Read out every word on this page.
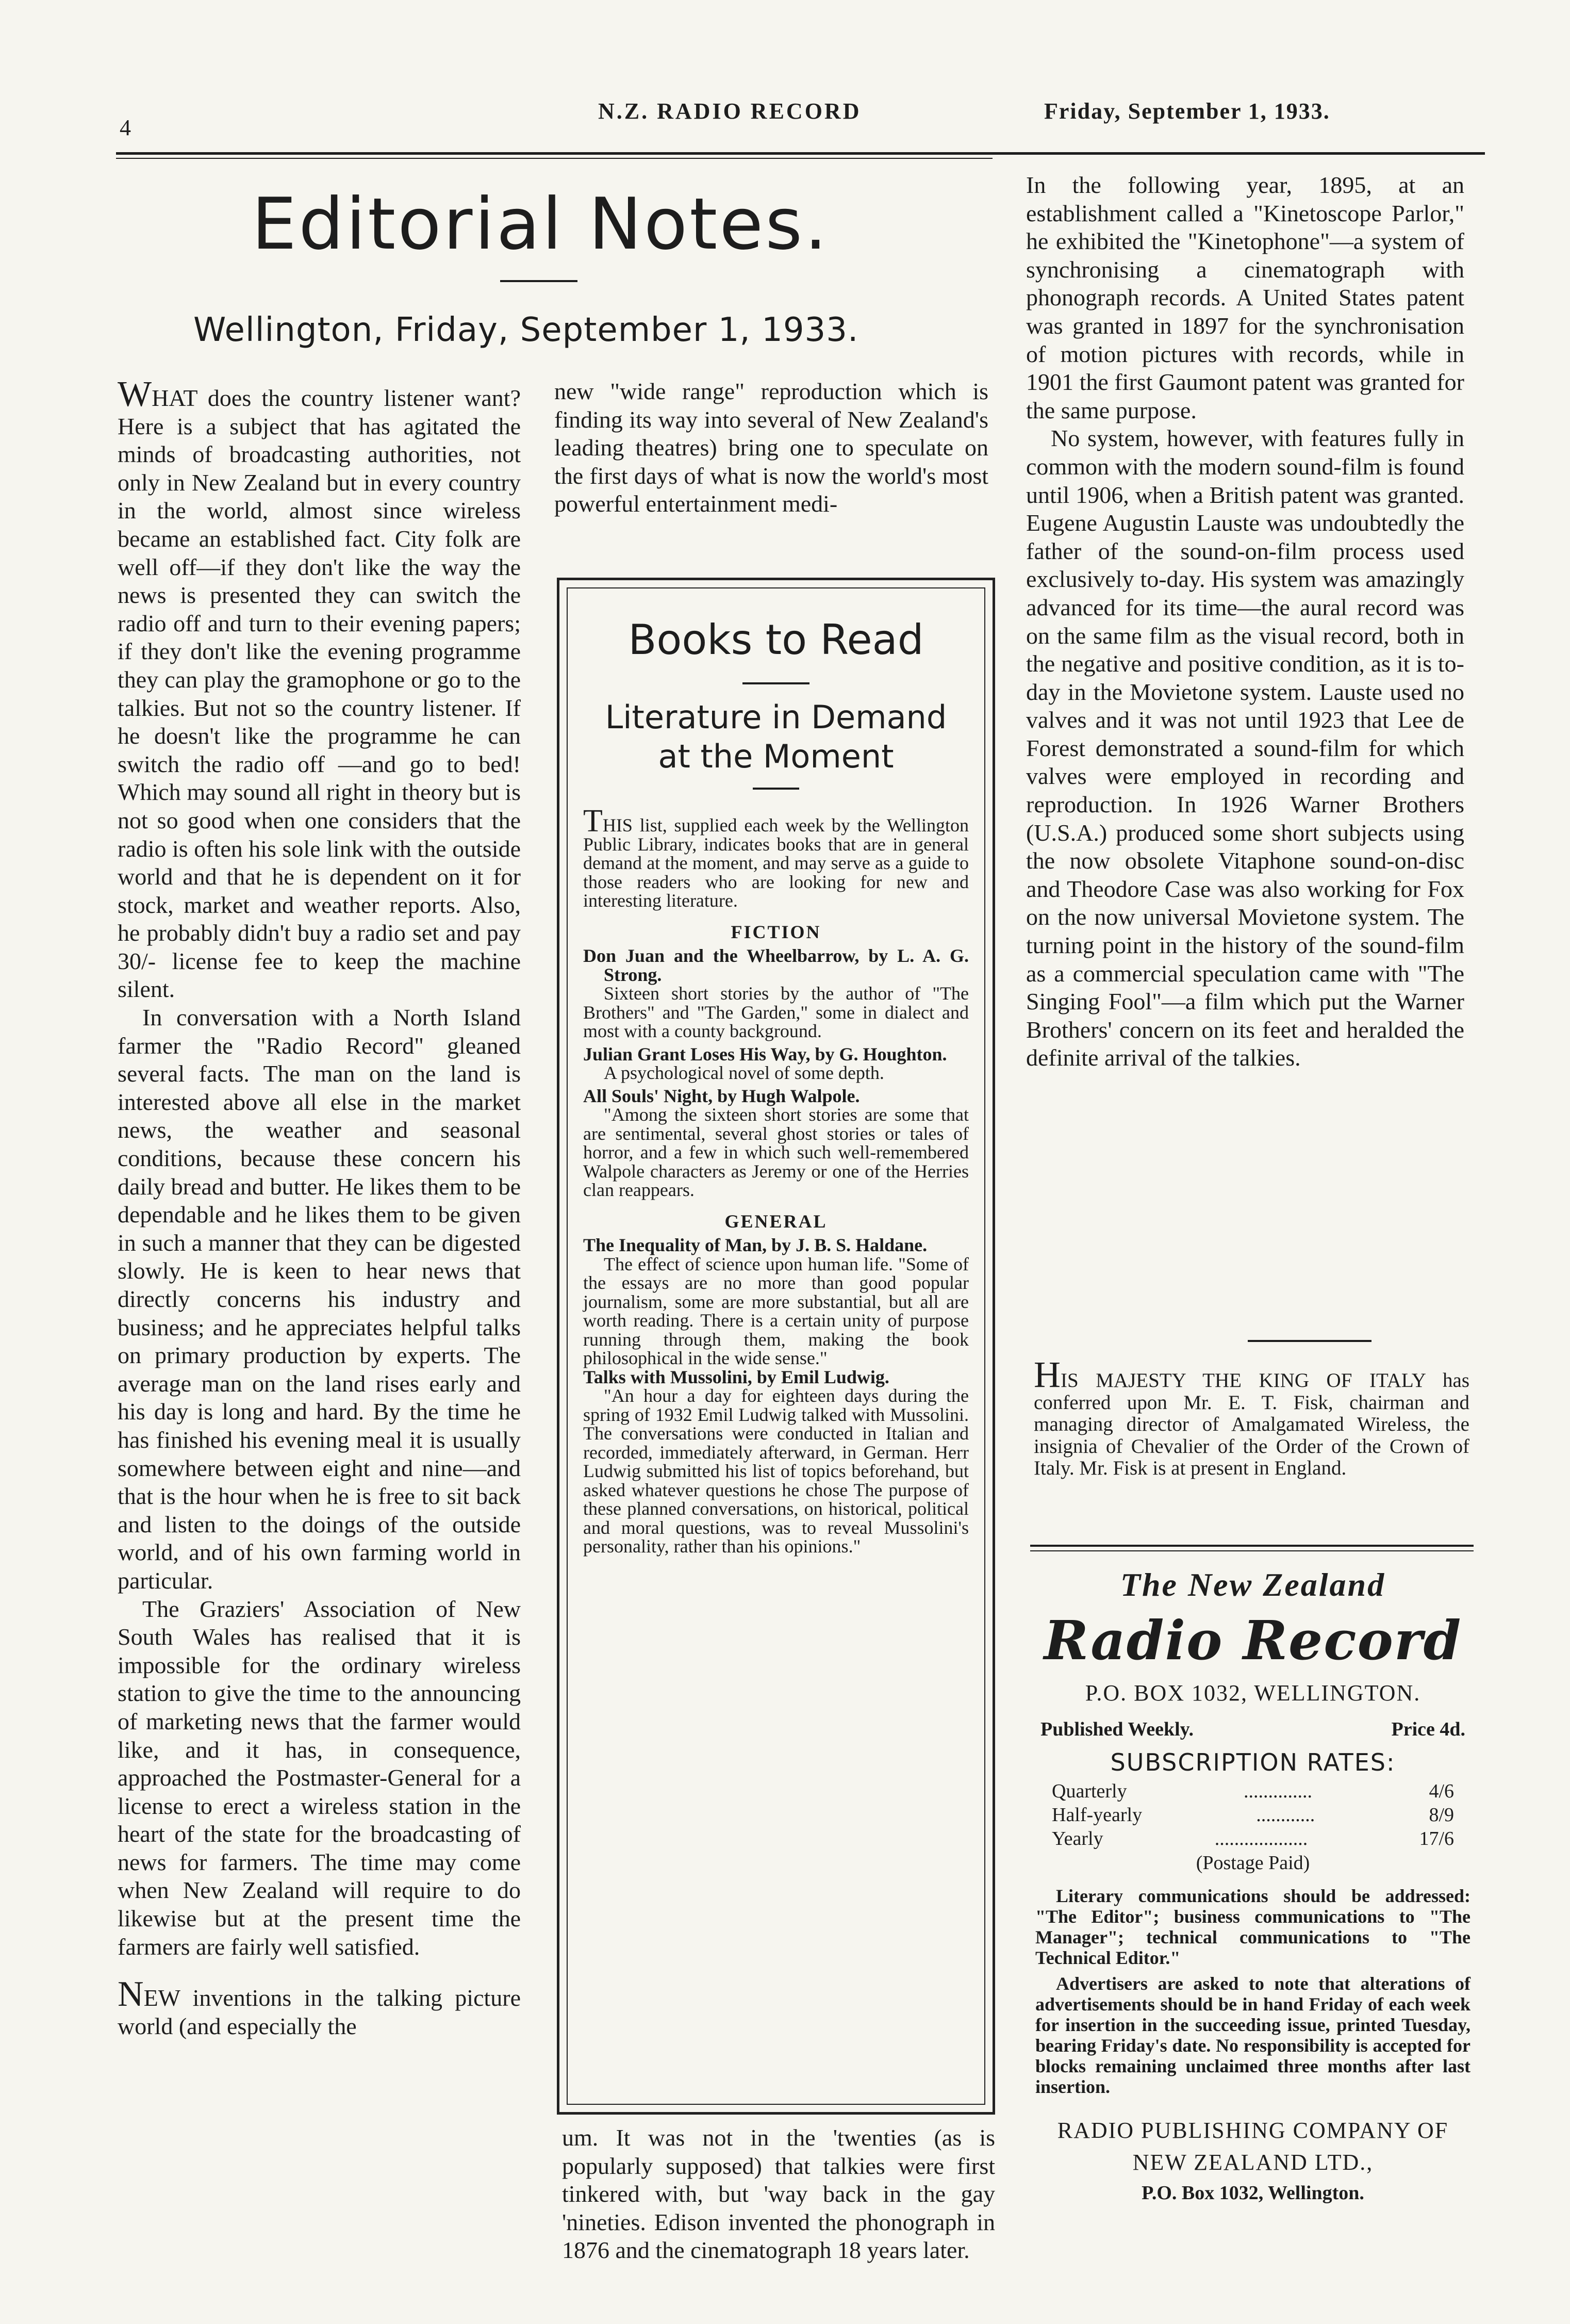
4
N.Z. RADIO RECORD	Friday, September 1, 1933.
Editorial Notes.
Wellington, Friday, September 1, 1933.

WHAT does the country listener want? Here is a subject that has agitated the minds of broadcasting authorities, not only in New Zealand but in every country in the world, almost since wireless became an established fact. City folk are well off—if they don't like the way the news is presented they can switch the radio off and turn to their evening papers; if they don't like the evening programme they can play the gramophone or go to the talkies. But not so the country listener. If he doesn't like the programme he can switch the radio off —and go to bed! Which may sound all right in theory but is not so good when one considers that the radio is often his sole link with the outside world and that he is dependent on it for stock, market and weather reports. Also, he probably didn't buy a radio set and pay 30/- license fee to keep the machine silent.

In conversation with a North Island farmer the "Radio Record" gleaned several facts. The man on the land is interested above all else in the market news, the weather and seasonal conditions, because these concern his daily bread and butter. He likes them to be dependable and he likes them to be given in such a manner that they can be digested slowly. He is keen to hear news that directly concerns his industry and business; and he appreciates helpful talks on primary production by experts. The average man on the land rises early and his day is long and hard. By the time he has finished his evening meal it is usually somewhere between eight and nine—and that is the hour when he is free to sit back and listen to the doings of the outside world, and of his own farming world in particular.

The Graziers' Association of New South Wales has realised that it is impossible for the ordinary wireless station to give the time to the announcing of marketing news that the farmer would like, and it has, in consequence, approached the Postmaster-General for a license to erect a wireless station in the heart of the state for the broadcasting of news for farmers. The time may come when New Zealand will require to do likewise but at the present time the farmers are fairly well satisfied.

NEW inventions in the talking picture world (and especially the

new "wide range" reproduction which is finding its way into several of New Zealand's leading theatres) bring one to speculate on the first days of what is now the world's most powerful entertainment medi-

Books to Read
Literature in Demand at the Moment

THIS list, supplied each week by the Wellington Public Library, indicates books that are in general demand at the moment, and may serve as a guide to those readers who are looking for new and interesting literature.

FICTION

Don Juan and the Wheelbarrow, by L. A. G. Strong.

Sixteen short stories by the author of "The Brothers" and "The Garden," some in dialect and most with a county background.

Julian Grant Loses His Way, by G. Houghton.

A psychological novel of some depth.

All Souls' Night, by Hugh Walpole.

"Among the sixteen short stories are some that are sentimental, several ghost stories or tales of horror, and a few in which such well-remembered Walpole characters as Jeremy or one of the Herries clan reappears.

GENERAL

The Inequality of Man, by J. B. S. Haldane.

The effect of science upon human life. "Some of the essays are no more than good popular journalism, some are more substantial, but all are worth reading. There is a certain unity of purpose running through them, making the book philosophical in the wide sense."

Talks with Mussolini, by Emil Ludwig.

"An hour a day for eighteen days during the spring of 1932 Emil Ludwig talked with Mussolini. The conversations were conducted in Italian and recorded, immediately afterward, in German. Herr Ludwig submitted his list of topics beforehand, but asked whatever questions he chose The purpose of these planned conversations, on historical, political and moral questions, was to reveal Mussolini's personality, rather than his opinions."

um. It was not in the 'twenties (as is popularly supposed) that talkies were first tinkered with, but 'way back in the gay 'nineties. Edison invented the phonograph in 1876 and the cinematograph 18 years later.

In the following year, 1895, at an establishment called a "Kinetoscope Parlor," he exhibited the "Kinetophone"—a system of synchronising a cinematograph with phonograph records. A United States patent was granted in 1897 for the synchronisation of motion pictures with records, while in 1901 the first Gaumont patent was granted for the same purpose.

No system, however, with features fully in common with the modern sound-film is found until 1906, when a British patent was granted. Eugene Augustin Lauste was undoubtedly the father of the sound-on-film process used exclusively to-day. His system was amazingly advanced for its time—the aural record was on the same film as the visual record, both in the negative and positive condition, as it is to-day in the Movietone system. Lauste used no valves and it was not until 1923 that Lee de Forest demonstrated a sound-film for which valves were employed in recording and reproduction. In 1926 Warner Brothers (U.S.A.) produced some short subjects using the now obsolete Vitaphone sound-on-disc and Theodore Case was also working for Fox on the now universal Movietone system. The turning point in the history of the sound-film as a commercial speculation came with "The Singing Fool"—a film which put the Warner Brothers' concern on its feet and heralded the definite arrival of the talkies.

HIS MAJESTY THE KING OF ITALY has conferred upon Mr. E. T. Fisk, chairman and managing director of Amalgamated Wireless, the insignia of Chevalier of the Order of the Crown of Italy. Mr. Fisk is at present in England.

The New Zealand
Radio Record
P.O. BOX 1032, WELLINGTON.
Published Weekly.	Price 4d.
SUBSCRIPTION RATES:
Quarterly	..............	4/6
Half-yearly	............	8/9
Yearly	...................	17/6
(Postage Paid)

Literary communications should be addressed: "The Editor"; business communications to "The Manager"; technical communications to "The Technical Editor."

Advertisers are asked to note that alterations of advertisements should be in hand Friday of each week for insertion in the succeeding issue, printed Tuesday, bearing Friday's date. No responsibility is accepted for blocks remaining unclaimed three months after last insertion.

RADIO PUBLISHING COMPANY OF NEW ZEALAND LTD.,
P.O. Box 1032, Wellington.
